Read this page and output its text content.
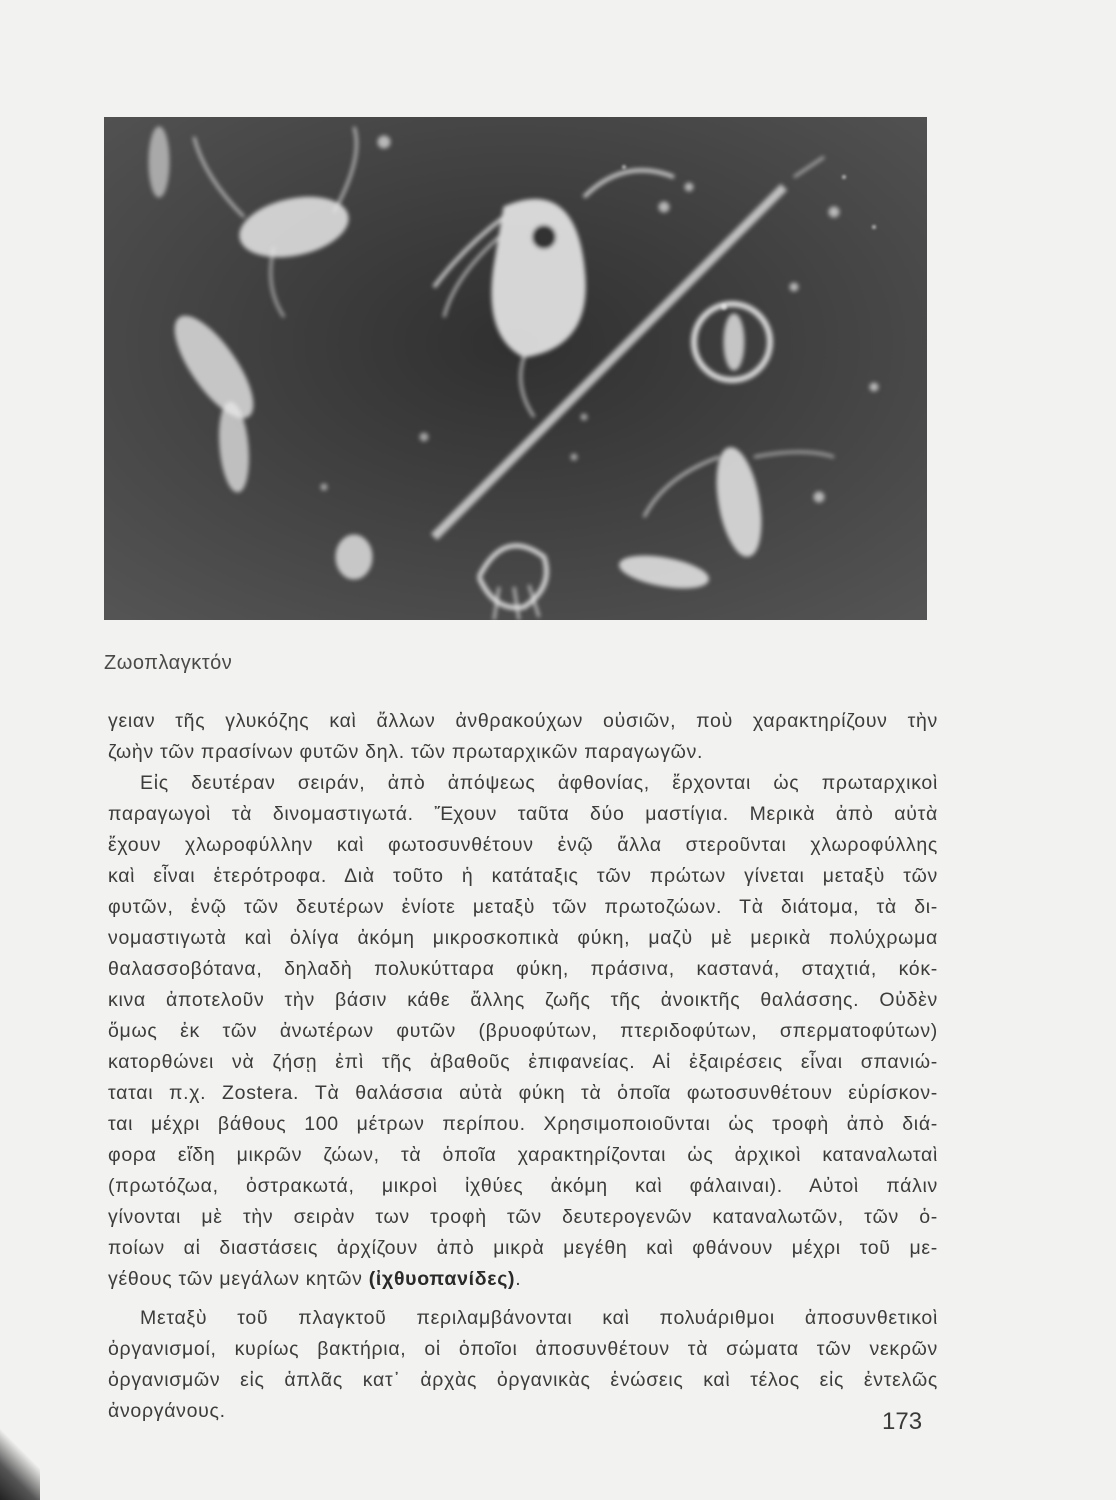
Ζωοπλαγκτόν
γειαν τῆς γλυκόζης καὶ ἄλλων ἀνθρακούχων οὐσιῶν, ποὺ χαρακτηρίζουν τὴν
ζωὴν τῶν πρασίνων φυτῶν δηλ. τῶν πρωταρχικῶν παραγωγῶν.
Εἰς δευτέραν σειράν, ἀπὸ ἀπόψεως ἀφθονίας, ἔρχονται ὡς πρωταρχικοὶ
παραγωγοὶ τὰ δινομαστιγωτά. Ἔχουν ταῦτα δύο μαστίγια. Μερικὰ ἀπὸ αὐτὰ
ἔχουν χλωροφύλλην καὶ φωτοσυνθέτουν ἐνῷ ἄλλα στεροῦνται χλωροφύλλης
καὶ εἶναι ἑτερότροφα. Διὰ τοῦτο ἡ κατάταξις τῶν πρώτων γίνεται μεταξὺ τῶν
φυτῶν, ἐνῷ τῶν δευτέρων ἐνίοτε μεταξὺ τῶν πρωτοζώων. Τὰ διάτομα, τὰ δι-
νομαστιγωτὰ καὶ ὀλίγα ἀκόμη μικροσκοπικὰ φύκη, μαζὺ μὲ μερικὰ πολύχρωμα
θαλασσοβότανα, δηλαδὴ πολυκύτταρα φύκη, πράσινα, καστανά, σταχτιά, κόκ-
κινα ἀποτελοῦν τὴν βάσιν κάθε ἄλλης ζωῆς τῆς ἀνοικτῆς θαλάσσης. Οὐδὲν
ὅμως ἐκ τῶν ἀνωτέρων φυτῶν (βρυοφύτων, πτεριδοφύτων, σπερματοφύτων)
κατορθώνει νὰ ζήσῃ ἐπὶ τῆς ἀβαθοῦς ἐπιφανείας. Αἱ ἐξαιρέσεις εἶναι σπανιώ-
ταται π.χ. Zostera. Τὰ θαλάσσια αὐτὰ φύκη τὰ ὁποῖα φωτοσυνθέτουν εὑρίσκον-
ται μέχρι βάθους 100 μέτρων περίπου. Χρησιμοποιοῦνται ὡς τροφὴ ἀπὸ διά-
φορα εἴδη μικρῶν ζώων, τὰ ὁποῖα χαρακτηρίζονται ὡς ἀρχικοὶ καταναλωταὶ
(πρωτόζωα, ὀστρακωτά, μικροὶ ἰχθύες ἀκόμη καὶ φάλαιναι). Αὐτοὶ πάλιν
γίνονται μὲ τὴν σειρὰν των τροφὴ τῶν δευτερογενῶν καταναλωτῶν, τῶν ὁ-
ποίων αἱ διαστάσεις ἀρχίζουν ἀπὸ μικρὰ μεγέθη καὶ φθάνουν μέχρι τοῦ με-
γέθους τῶν μεγάλων κητῶν (ἰχθυοπανίδες).
Μεταξὺ τοῦ πλαγκτοῦ περιλαμβάνονται καὶ πολυάριθμοι ἀποσυνθετικοὶ
ὀργανισμοί, κυρίως βακτήρια, οἱ ὁποῖοι ἀποσυνθέτουν τὰ σώματα τῶν νεκρῶν
ὀργανισμῶν εἰς ἁπλᾶς κατ᾽ ἀρχὰς ὀργανικὰς ἑνώσεις καὶ τέλος εἰς ἐντελῶς
ἀνοργάνους.	173
